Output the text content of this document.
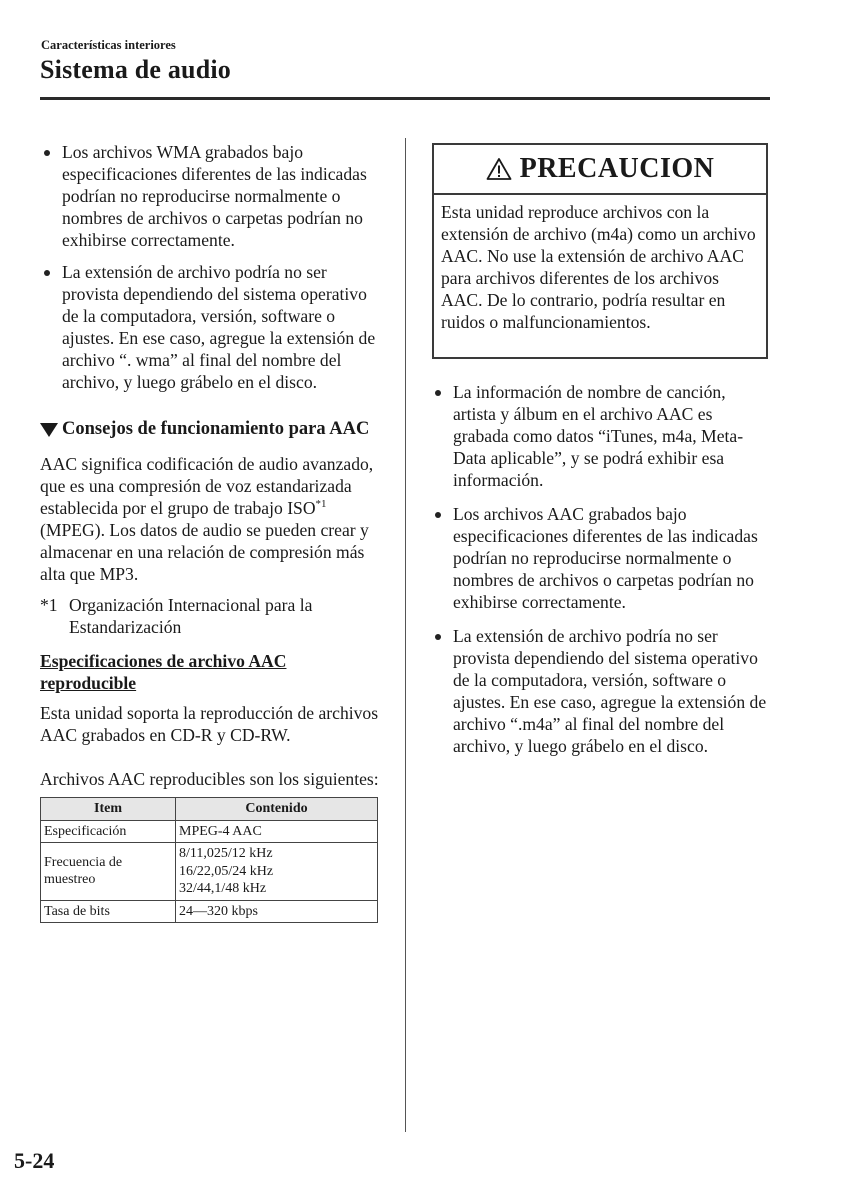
Características interiores
Sistema de audio
Los archivos WMA grabados bajo especificaciones diferentes de las indicadas podrían no reproducirse normalmente o nombres de archivos o carpetas podrían no exhibirse correctamente.
La extensión de archivo podría no ser provista dependiendo del sistema operativo de la computadora, versión, software o ajustes. En ese caso, agregue la extensión de archivo “. wma” al final del nombre del archivo, y luego grábelo en el disco.
Consejos de funcionamiento para AAC

AAC significa codificación de audio avanzado, que es una compresión de voz estandarizada establecida por el grupo de trabajo ISO$^{*1}$ (MPEG). Los datos de audio se pueden crear y almacenar en una relación de compresión más alta que MP3.

*1 Organización Internacional para la Estandarización
Especificaciones de archivo AAC reproducible

Esta unidad soporta la reproducción de archivos AAC grabados en CD-R y CD-RW.

Archivos AAC reproducibles son los siguientes:

Item	Contenido
Especificación	MPEG-4 AAC

Frecuencia de muestreo	8/11,025/12 kHz
16/22,05/24 kHz
32/44,1/48 kHz

Tasa de bits	24—320 kbps
PRECAUCION
Esta unidad reproduce archivos con la extensión de archivo (m4a) como un archivo AAC. No use la extensión de archivo AAC para archivos diferentes de los archivos AAC. De lo contrario, podría resultar en ruidos o malfuncionamientos.
La información de nombre de canción, artista y álbum en el archivo AAC es grabada como datos “iTunes, m4a, Meta-Data aplicable”, y se podrá exhibir esa información.
Los archivos AAC grabados bajo especificaciones diferentes de las indicadas podrían no reproducirse normalmente o nombres de archivos o carpetas podrían no exhibirse correctamente.
La extensión de archivo podría no ser provista dependiendo del sistema operativo de la computadora, versión, software o ajustes. En ese caso, agregue la extensión de archivo “.m4a” al final del nombre del archivo, y luego grábelo en el disco.
5-24
